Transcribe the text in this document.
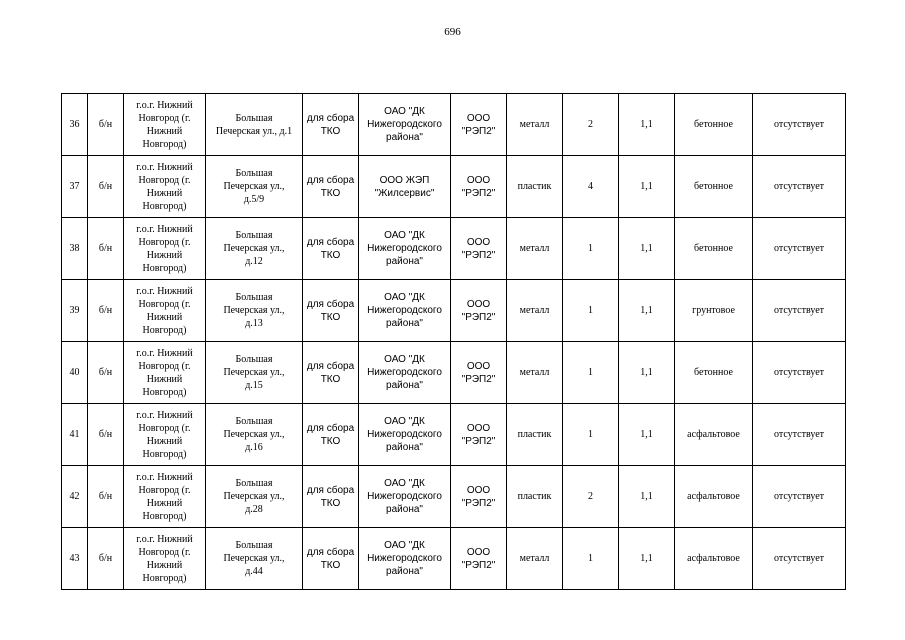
696
36	б/н	г.о.г. Нижний
Новгород (г.
Нижний
Новгород)	Большая
Печерская ул., д.1	для сбора
ТКО	ОАО "ДК
Нижегородского
района"	ООО
"РЭП2"	металл	2	1,1	бетонное	отсутствует
37	б/н	г.о.г. Нижний
Новгород (г.
Нижний
Новгород)	Большая
Печерская ул.,
д.5/9	для сбора
ТКО	ООО ЖЭП
"Жилсервис"	ООО
"РЭП2"	пластик	4	1,1	бетонное	отсутствует
38	б/н	г.о.г. Нижний
Новгород (г.
Нижний
Новгород)	Большая
Печерская ул.,
д.12	для сбора
ТКО	ОАО "ДК
Нижегородского
района"	ООО
"РЭП2"	металл	1	1,1	бетонное	отсутствует
39	б/н	г.о.г. Нижний
Новгород (г.
Нижний
Новгород)	Большая
Печерская ул.,
д.13	для сбора
ТКО	ОАО "ДК
Нижегородского
района"	ООО
"РЭП2"	металл	1	1,1	грунтовое	отсутствует
40	б/н	г.о.г. Нижний
Новгород (г.
Нижний
Новгород)	Большая
Печерская ул.,
д.15	для сбора
ТКО	ОАО "ДК
Нижегородского
района"	ООО
"РЭП2"	металл	1	1,1	бетонное	отсутствует
41	б/н	г.о.г. Нижний
Новгород (г.
Нижний
Новгород)	Большая
Печерская ул.,
д.16	для сбора
ТКО	ОАО "ДК
Нижегородского
района"	ООО
"РЭП2"	пластик	1	1,1	асфальтовое	отсутствует
42	б/н	г.о.г. Нижний
Новгород (г.
Нижний
Новгород)	Большая
Печерская ул.,
д.28	для сбора
ТКО	ОАО "ДК
Нижегородского
района"	ООО
"РЭП2"	пластик	2	1,1	асфальтовое	отсутствует
43	б/н	г.о.г. Нижний
Новгород (г.
Нижний
Новгород)	Большая
Печерская ул.,
д.44	для сбора
ТКО	ОАО "ДК
Нижегородского
района"	ООО
"РЭП2"	металл	1	1,1	асфальтовое	отсутствует
